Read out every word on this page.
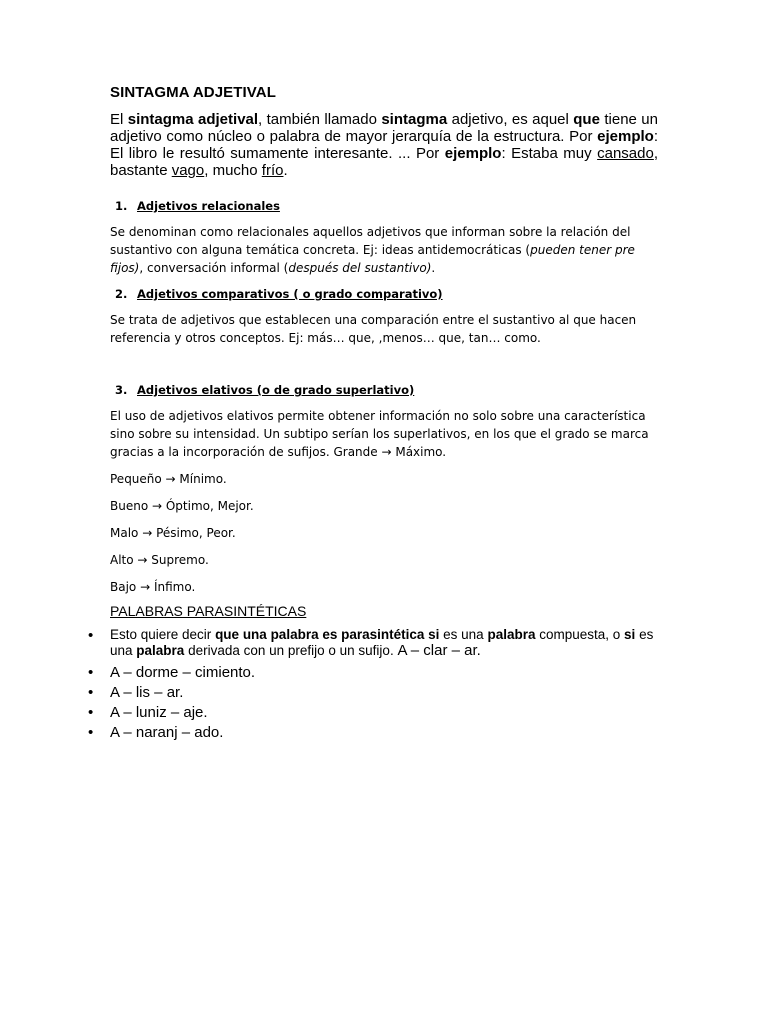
SINTAGMA ADJETIVAL

El sintagma adjetival, también llamado sintagma adjetivo, es aquel que tiene un adjetivo como núcleo o palabra de mayor jerarquía de la estructura. Por ejemplo: El libro le resultó sumamente interesante. ... Por ejemplo: Estaba muy cansado, bastante vago, mucho frío.

1. Adjetivos relacionales

Se denominan como relacionales aquellos adjetivos que informan sobre la relación del sustantivo con alguna temática concreta. Ej: ideas antidemocráticas (pueden tener pre fijos), conversación informal (después del sustantivo).

2. Adjetivos comparativos ( o grado comparativo)

Se trata de adjetivos que establecen una comparación entre el sustantivo al que hacen referencia y otros conceptos. Ej: más… que, ,menos… que, tan… como.

3. Adjetivos elativos (o de grado superlativo)

El uso de adjetivos elativos permite obtener información no solo sobre una característica sino sobre su intensidad. Un subtipo serían los superlativos, en los que el grado se marca gracias a la incorporación de sufijos. Grande → Máximo.

Pequeño → Mínimo.

Bueno → Óptimo, Mejor.

Malo → Pésimo, Peor.

Alto → Supremo.

Bajo → Ínfimo.

PALABRAS PARASINTÉTICAS

• Esto quiere decir que una palabra es parasintética si es una palabra compuesta, o si es una palabra derivada con un prefijo o un sufijo. A – clar – ar.
• A – dorme – cimiento.
• A – lis – ar.
• A – luniz – aje.
• A – naranj – ado.
